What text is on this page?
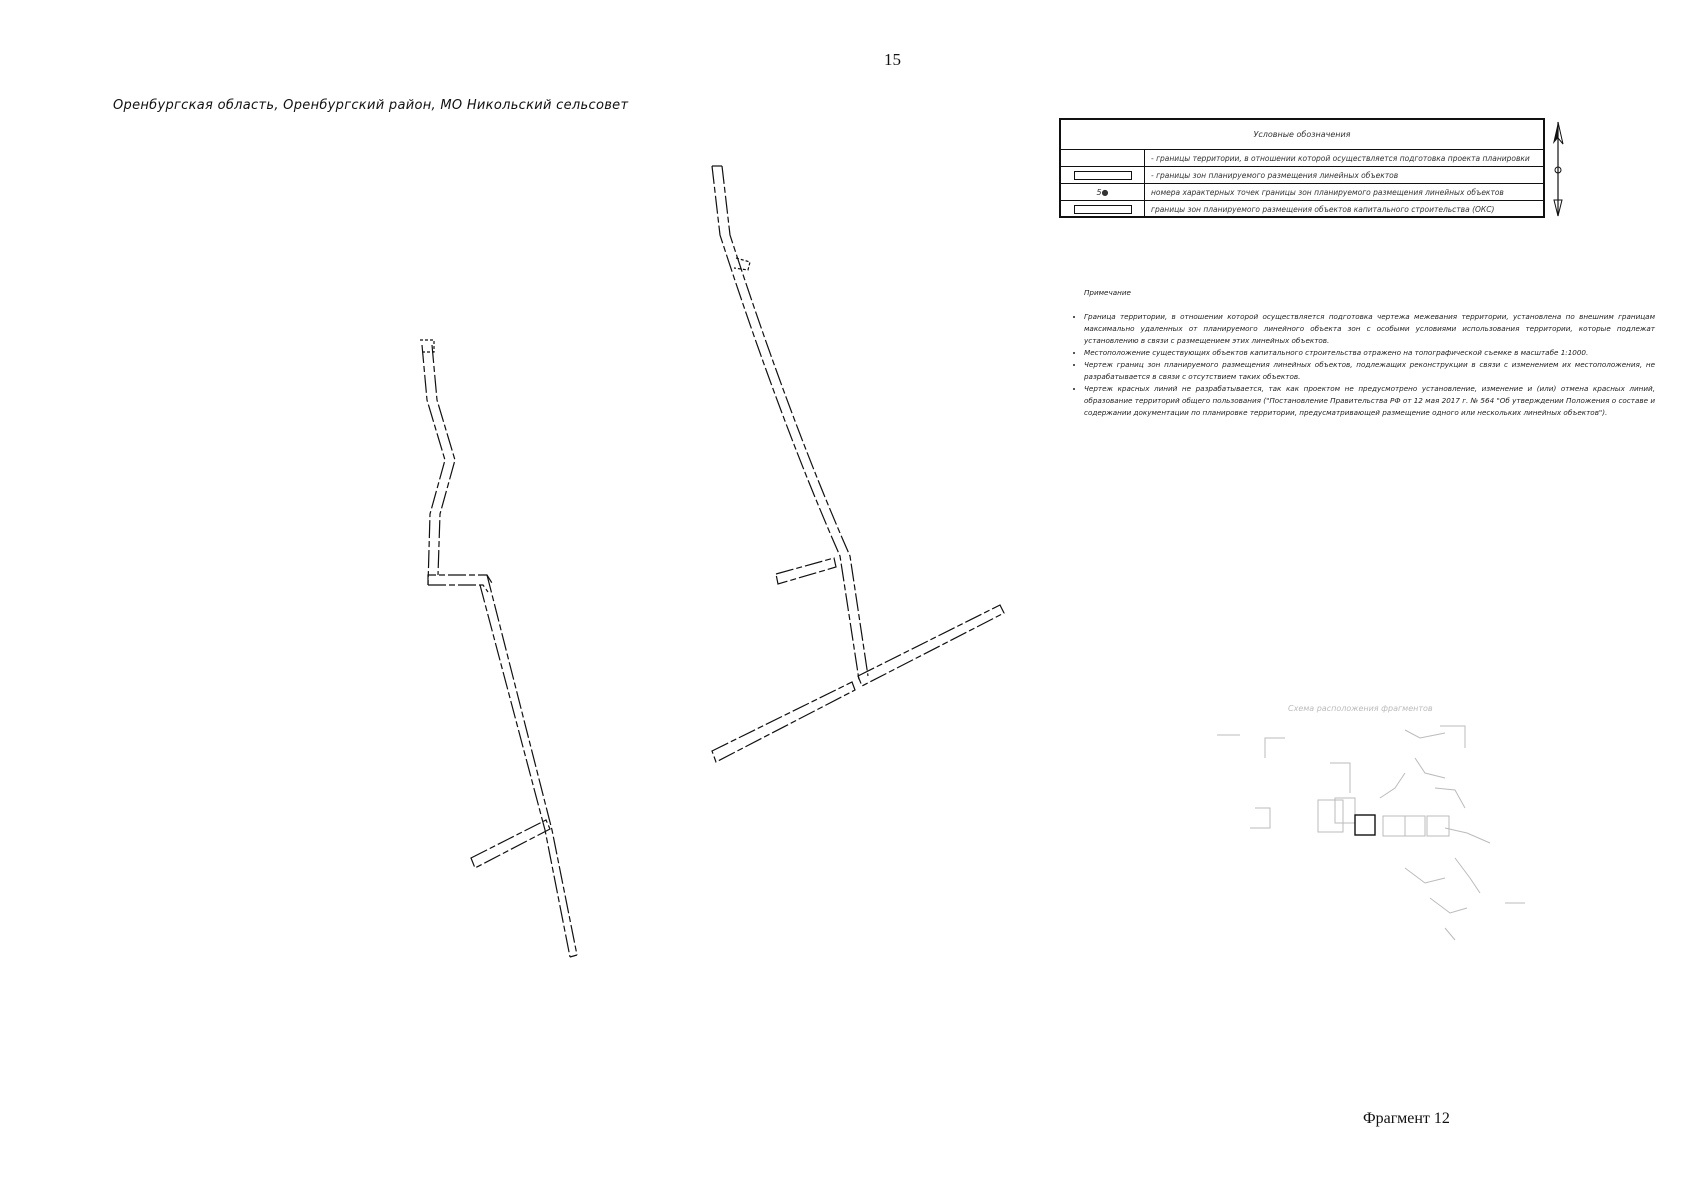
15
Оренбургская область, Оренбургский район, МО Никольский сельсовет
Условные обозначения
- границы территории, в отношении которой осуществляется подготовка проекта планировки
- границы зон планируемого размещения линейных объектов
5 ●	номера характерных точек границы зон планируемого размещения линейных объектов
границы зон планируемого размещения объектов капитального строительства (ОКС)
Примечание
• Граница территории, в отношении которой осуществляется подготовка чертежа межевания территории, установлена по внешним границам максимально удаленных от планируемого линейного объекта зон с особыми условиями использования территории, которые подлежат установлению в связи с размещением этих линейных объектов.
• Местоположение существующих объектов капитального строительства отражено на топографической съемке в масштабе 1:1000.
• Чертеж границ зон планируемого размещения линейных объектов, подлежащих реконструкции в связи с изменением их местоположения, не разрабатывается в связи с отсутствием таких объектов.
• Чертеж красных линий не разрабатывается, так как проектом не предусмотрено установление, изменение и (или) отмена красных линий, образование территорий общего пользования ("Постановление Правительства РФ от 12 мая 2017 г. № 564 "Об утверждении Положения о составе и содержании документации по планировке территории, предусматривающей размещение одного или нескольких линейных объектов").
Схема расположения фрагментов
Фрагмент 12
